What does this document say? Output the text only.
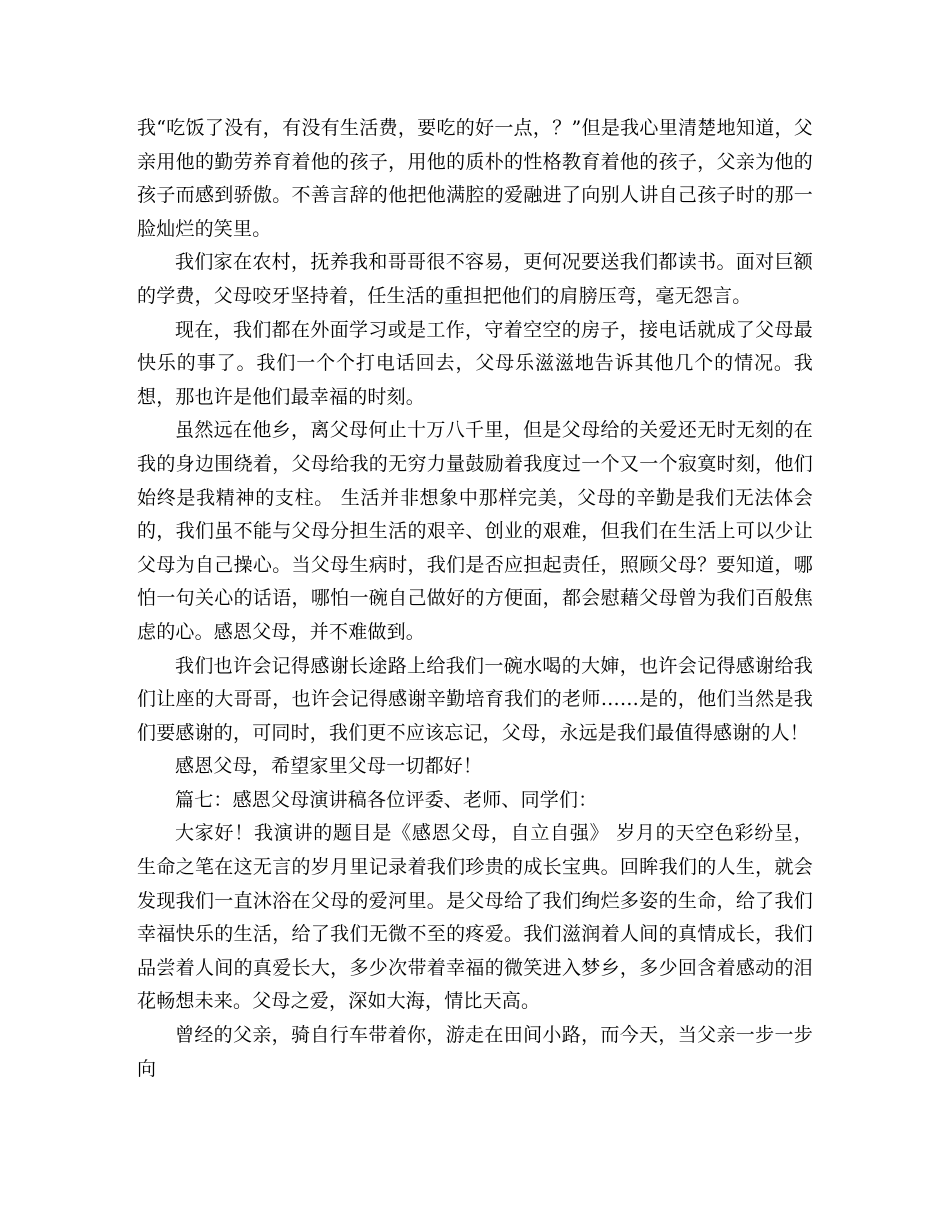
我“吃饭了没有，有没有生活费，要吃的好一点，？”但是我心里清楚地知道，父亲用他的勤劳养育着他的孩子，用他的质朴的性格教育着他的孩子，父亲为他的孩子而感到骄傲。不善言辞的他把他满腔的爱融进了向别人讲自己孩子时的那一脸灿烂的笑里。

我们家在农村，抚养我和哥哥很不容易，更何况要送我们都读书。面对巨额的学费，父母咬牙坚持着，任生活的重担把他们的肩膀压弯，毫无怨言。

现在，我们都在外面学习或是工作，守着空空的房子，接电话就成了父母最快乐的事了。我们一个个打电话回去，父母乐滋滋地告诉其他几个的情况。我想，那也许是他们最幸福的时刻。

虽然远在他乡，离父母何止十万八千里，但是父母给的关爱还无时无刻的在我的身边围绕着，父母给我的无穷力量鼓励着我度过一个又一个寂寞时刻，他们始终是我精神的支柱。 生活并非想象中那样完美，父母的辛勤是我们无法体会的，我们虽不能与父母分担生活的艰辛、创业的艰难，但我们在生活上可以少让父母为自己操心。当父母生病时，我们是否应担起责任，照顾父母？要知道，哪怕一句关心的话语，哪怕一碗自己做好的方便面，都会慰藉父母曾为我们百般焦虑的心。感恩父母，并不难做到。

我们也许会记得感谢长途路上给我们一碗水喝的大婶，也许会记得感谢给我们让座的大哥哥，也许会记得感谢辛勤培育我们的老师……是的，他们当然是我们要感谢的，可同时，我们更不应该忘记，父母，永远是我们最值得感谢的人！

感恩父母，希望家里父母一切都好！

篇七：感恩父母演讲稿各位评委、老师、同学们：

大家好！我演讲的题目是《感恩父母，自立自强》 岁月的天空色彩纷呈，生命之笔在这无言的岁月里记录着我们珍贵的成长宝典。回眸我们的人生，就会发现我们一直沐浴在父母的爱河里。是父母给了我们绚烂多姿的生命，给了我们幸福快乐的生活，给了我们无微不至的疼爱。我们滋润着人间的真情成长，我们品尝着人间的真爱长大，多少次带着幸福的微笑进入梦乡，多少回含着感动的泪花畅想未来。父母之爱，深如大海，情比天高。

曾经的父亲，骑自行车带着你，游走在田间小路，而今天，当父亲一步一步向
